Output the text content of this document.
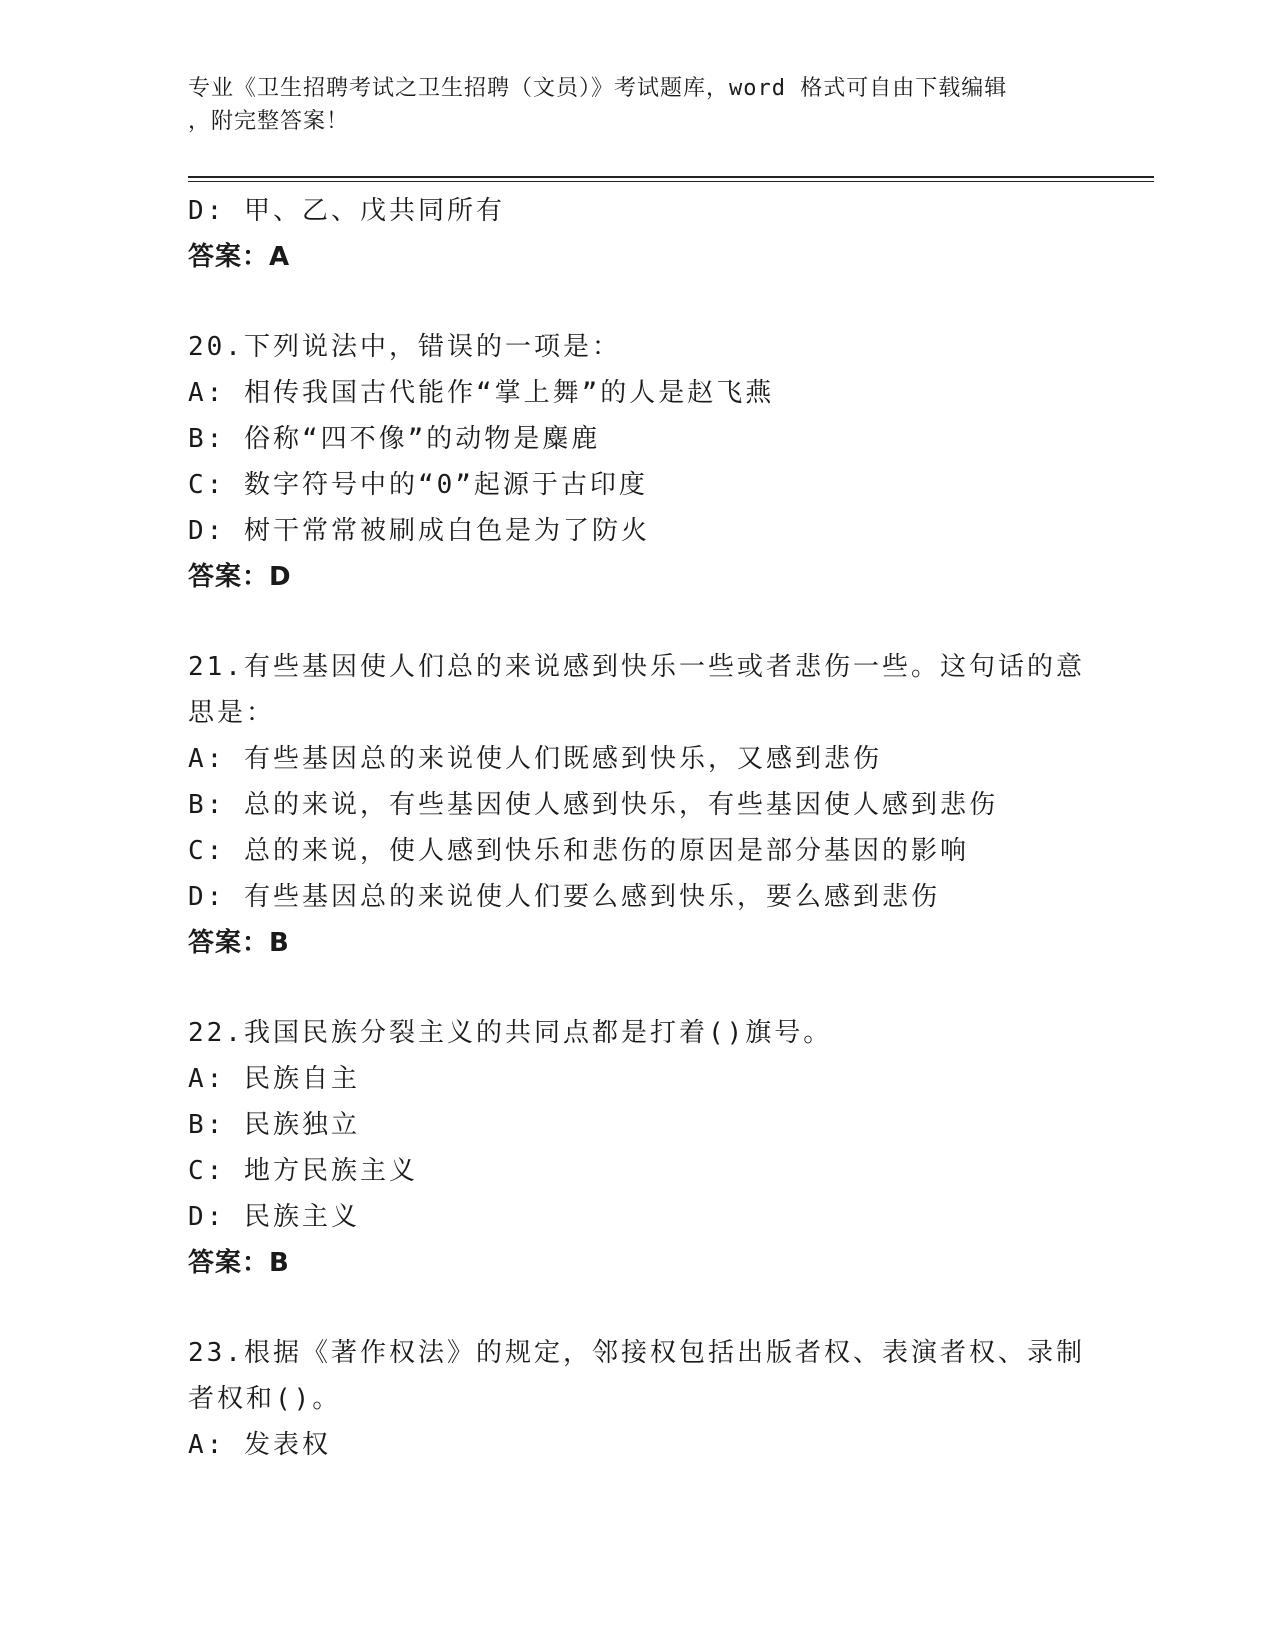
专业《卫生招聘考试之卫生招聘（文员）》考试题库，word 格式可自由下载编辑
，附完整答案！
D: 甲、乙、戊共同所有
答案：A
20.下列说法中，错误的一项是：
A: 相传我国古代能作“掌上舞”的人是赵飞燕
B: 俗称“四不像”的动物是麋鹿
C: 数字符号中的“0”起源于古印度
D: 树干常常被刷成白色是为了防火
答案：D
21.有些基因使人们总的来说感到快乐一些或者悲伤一些。这句话的意
思是：
A: 有些基因总的来说使人们既感到快乐，又感到悲伤
B: 总的来说，有些基因使人感到快乐，有些基因使人感到悲伤
C: 总的来说，使人感到快乐和悲伤的原因是部分基因的影响
D: 有些基因总的来说使人们要么感到快乐，要么感到悲伤
答案：B
22.我国民族分裂主义的共同点都是打着()旗号。
A: 民族自主
B: 民族独立
C: 地方民族主义
D: 民族主义
答案：B
23.根据《著作权法》的规定，邻接权包括出版者权、表演者权、录制
者权和()。
A: 发表权
